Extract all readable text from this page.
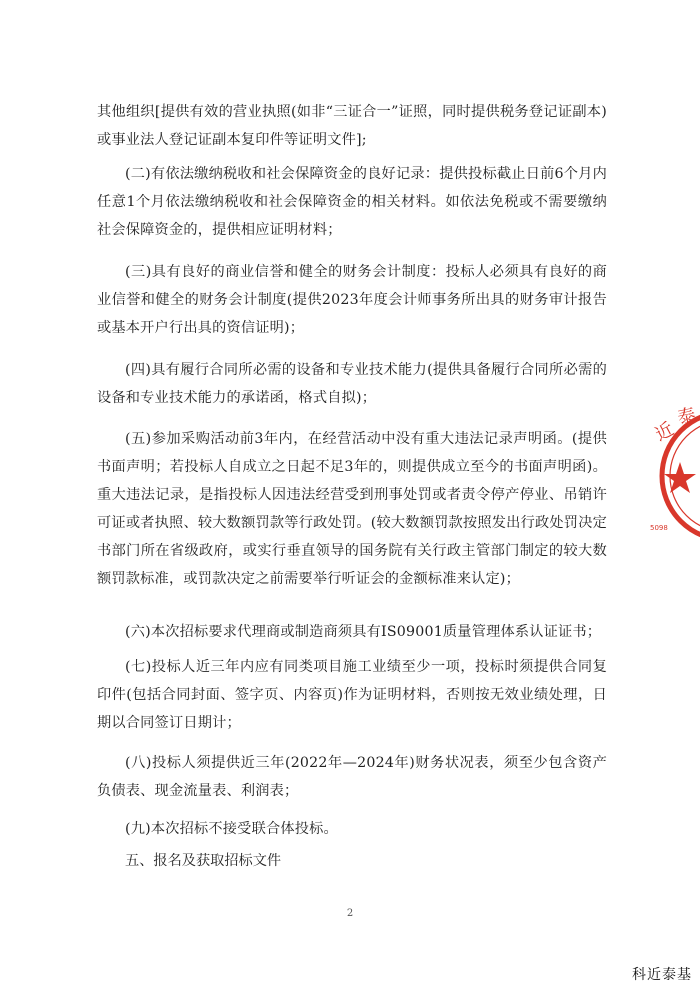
其他组织[提供有效的营业执照(如非“三证合一”证照，同时提供税务登记证副本)或事业法人登记证副本复印件等证明文件];

(二)有依法缴纳税收和社会保障资金的良好记录：提供投标截止日前6个月内任意1个月依法缴纳税收和社会保障资金的相关材料。如依法免税或不需要缴纳社会保障资金的，提供相应证明材料；

(三)具有良好的商业信誉和健全的财务会计制度：投标人必须具有良好的商业信誉和健全的财务会计制度(提供2023年度会计师事务所出具的财务审计报告或基本开户行出具的资信证明)；

(四)具有履行合同所必需的设备和专业技术能力(提供具备履行合同所必需的设备和专业技术能力的承诺函，格式自拟)；

(五)参加采购活动前3年内，在经营活动中没有重大违法记录声明函。(提供书面声明；若投标人自成立之日起不足3年的，则提供成立至今的书面声明函)。重大违法记录，是指投标人因违法经营受到刑事处罚或者责令停产停业、吊销许可证或者执照、较大数额罚款等行政处罚。(较大数额罚款按照发出行政处罚决定书部门所在省级政府，或实行垂直领导的国务院有关行政主管部门制定的较大数额罚款标准，或罚款决定之前需要举行听证会的金额标准来认定)；

(六)本次招标要求代理商或制造商须具有IS09001质量管理体系认证证书；

(七)投标人近三年内应有同类项目施工业绩至少一项，投标时须提供合同复印件(包括合同封面、签字页、内容页)作为证明材料，否则按无效业绩处理，日期以合同签订日期计；

(八)投标人须提供近三年(2022年—2024年)财务状况表，须至少包含资产负债表、现金流量表、利润表；

(九)本次招标不接受联合体投标。

五、报名及获取招标文件

2
近
泰
5098
科近泰基
